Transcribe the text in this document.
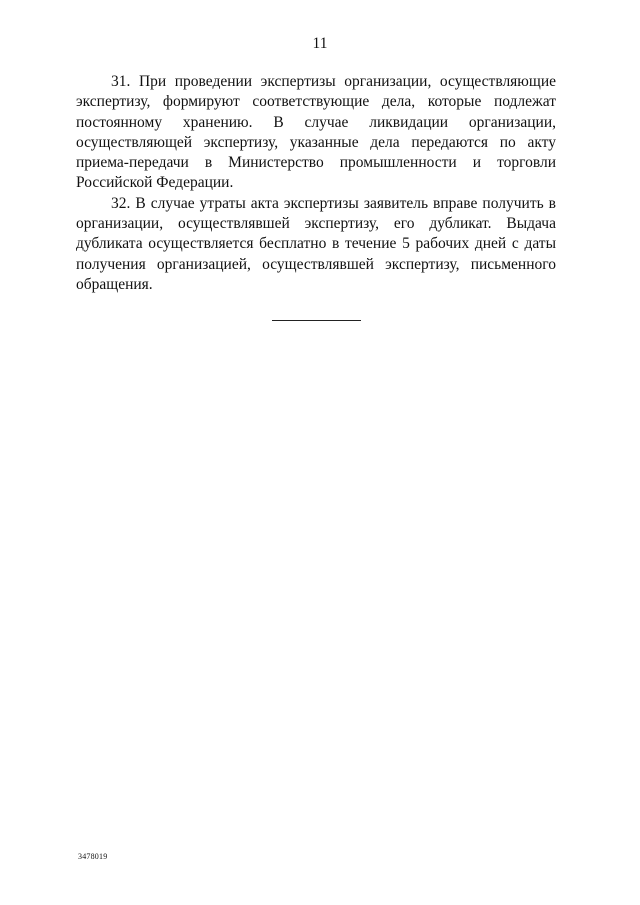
11

31. При проведении экспертизы организации, осуществляющие экспертизу, формируют соответствующие дела, которые подлежат постоянному хранению. В случае ликвидации организации, осуществляющей экспертизу, указанные дела передаются по акту приема-передачи в Министерство промышленности и торговли Российской Федерации.

32. В случае утраты акта экспертизы заявитель вправе получить в организации, осуществлявшей экспертизу, его дубликат. Выдача дубликата осуществляется бесплатно в течение 5 рабочих дней с даты получения организацией, осуществлявшей экспертизу, письменного обращения.

3478019
